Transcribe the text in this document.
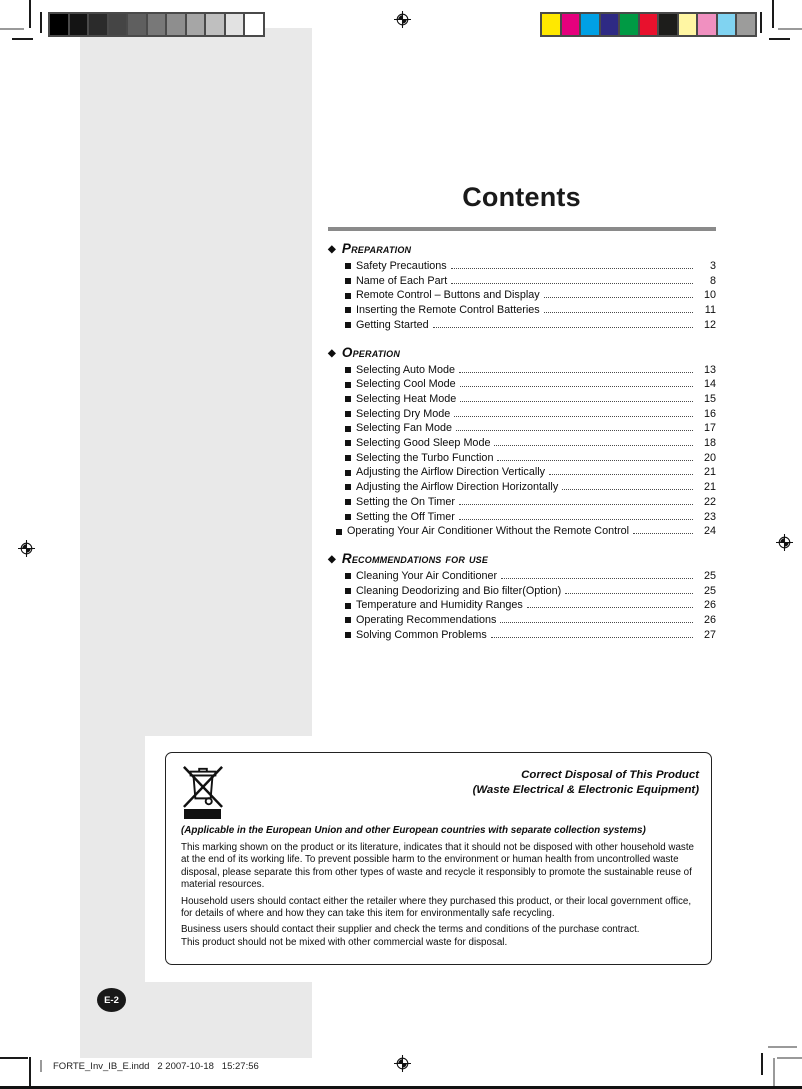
Contents
◆ Preparation
Safety Precautions	3
Name of Each Part	8
Remote Control – Buttons and Display	10
Inserting the Remote Control Batteries	11
Getting Started	12
◆ Operation
Selecting Auto Mode	13
Selecting Cool Mode	14
Selecting Heat Mode	15
Selecting Dry Mode	16
Selecting Fan Mode	17
Selecting Good Sleep Mode	18
Selecting the Turbo Function	20
Adjusting the Airflow Direction Vertically	21
Adjusting the Airflow Direction Horizontally	21
Setting the On Timer	22
Setting the Off Timer	23
Operating Your Air Conditioner Without the Remote Control	24
◆ Recommendations for use
Cleaning Your Air Conditioner	25
Cleaning Deodorizing and Bio filter(Option)	25
Temperature and Humidity Ranges	26
Operating Recommendations	26
Solving Common Problems	27
Correct Disposal of This Product
(Waste Electrical & Electronic Equipment)
(Applicable in the European Union and other European countries with separate collection systems)

This marking shown on the product or its literature, indicates that it should not be disposed with other household waste at the end of its working life. To prevent possible harm to the environment or human health from uncontrolled waste disposal, please separate this from other types of waste and recycle it responsibly to promote the sustainable reuse of material resources.

Household users should contact either the retailer where they purchased this product, or their local government office, for details of where and how they can take this item for environmentally safe recycling.

Business users should contact their supplier and check the terms and conditions of the purchase contract.

This product should not be mixed with other commercial waste for disposal.

E-2
FORTE_Inv_IB_E.indd   2 2007-10-18   15:27:56
